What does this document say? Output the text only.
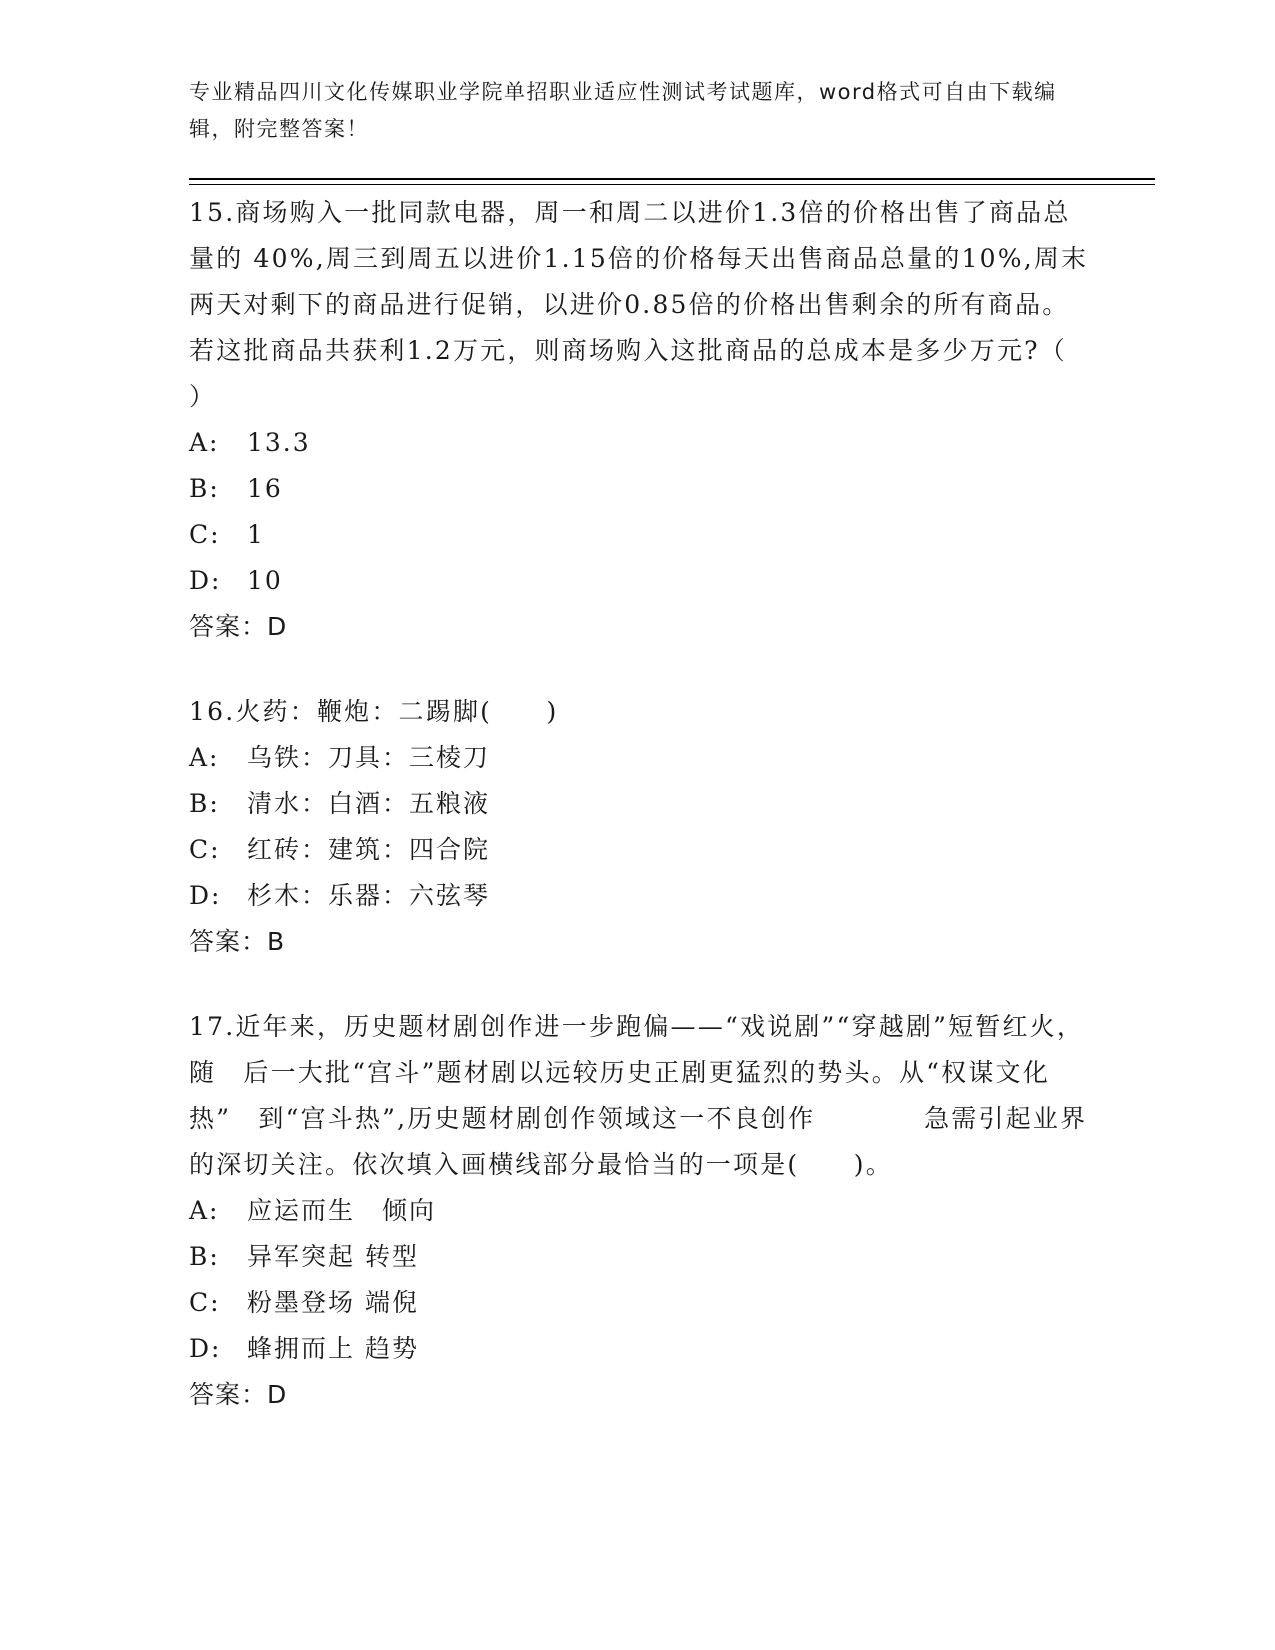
专业精品四川文化传媒职业学院单招职业适应性测试考试题库，word格式可自由下载编辑，附完整答案！
15.商场购入一批同款电器，周一和周二以进价1.3倍的价格出售了商品总量的 40%,周三到周五以进价1.15倍的价格每天出售商品总量的10%,周末两天对剩下的商品进行促销，以进价0.85倍的价格出售剩余的所有商品。若这批商品共获利1.2万元，则商场购入这批商品的总成本是多少万元?（　　）
A: 13.3
B: 16
C: 1
D: 10
答案：D
16.火药：鞭炮：二踢脚(　　)
A: 乌铁：刀具：三棱刀
B: 清水：白酒：五粮液
C: 红砖：建筑：四合院
D: 杉木：乐器：六弦琴
答案：B
17.近年来，历史题材剧创作进一步跑偏——“戏说剧”“穿越剧”短暂红火，随　后一大批“宫斗”题材剧以远较历史正剧更猛烈的势头。从“权谋文化热”　到“宫斗热”,历史题材剧创作领域这一不良创作　　　　急需引起业界的深切关注。依次填入画横线部分最恰当的一项是(　　)。
A: 应运而生　倾向
B: 异军突起 转型
C: 粉墨登场 端倪
D: 蜂拥而上 趋势
答案：D
